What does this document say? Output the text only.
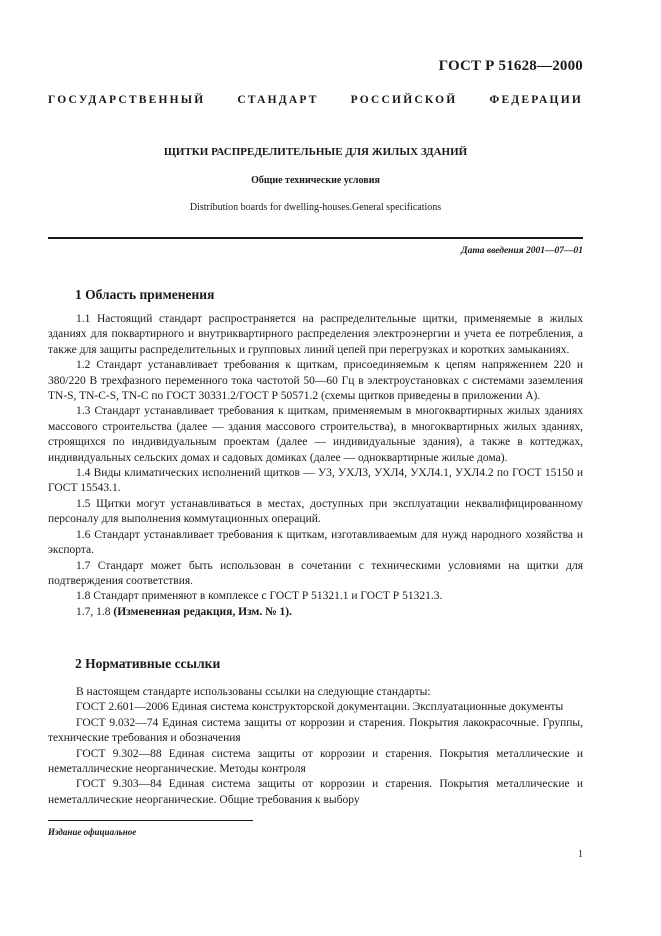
ГОСТ Р 51628—2000
ГОСУДАРСТВЕННЫЙ СТАНДАРТ РОССИЙСКОЙ ФЕДЕРАЦИИ
ЩИТКИ РАСПРЕДЕЛИТЕЛЬНЫЕ ДЛЯ ЖИЛЫХ ЗДАНИЙ
Общие технические условия
Distribution boards for dwelling-houses.General specifications
Дата введения 2001—07—01
1 Область применения

1.1 Настоящий стандарт распространяется на распределительные щитки, применяемые в жилых зданиях для поквартирного и внутриквартирного распределения электроэнергии и учета ее потребления, а также для защиты распределительных и групповых линий цепей при перегрузках и коротких замыканиях.

1.2 Стандарт устанавливает требования к щиткам, присоединяемым к цепям напряжением 220 и 380/220 В трехфазного переменного тока частотой 50—60 Гц в электроустановках с системами заземления TN-S, TN-C-S, TN-C по ГОСТ 30331.2/ГОСТ Р 50571.2 (схемы щитков приведены в приложении А).

1.3 Стандарт устанавливает требования к щиткам, применяемым в многоквартирных жилых зданиях массового строительства (далее — здания массового строительства), в многоквартирных жилых зданиях, строящихся по индивидуальным проектам (далее — индивидуальные здания), а также в коттеджах, индивидуальных сельских домах и садовых домиках (далее — одноквартирные жилые дома).

1.4 Виды климатических исполнений щитков — У3, УХЛ3, УХЛ4, УХЛ4.1, УХЛ4.2 по ГОСТ 15150 и ГОСТ 15543.1.

1.5 Щитки могут устанавливаться в местах, доступных при эксплуатации неквалифицированному персоналу для выполнения коммутационных операций.

1.6 Стандарт устанавливает требования к щиткам, изготавливаемым для нужд народного хозяйства и экспорта.

1.7 Стандарт может быть использован в сочетании с техническими условиями на щитки для подтверждения соответствия.

1.8 Стандарт применяют в комплексе с ГОСТ Р 51321.1 и ГОСТ Р 51321.3.

1.7, 1.8 (Измененная редакция, Изм. № 1).

2 Нормативные ссылки

В настоящем стандарте использованы ссылки на следующие стандарты:

ГОСТ 2.601—2006 Единая система конструкторской документации. Эксплуатационные документы

ГОСТ 9.032—74 Единая система защиты от коррозии и старения. Покрытия лакокрасочные. Группы, технические требования и обозначения

ГОСТ 9.302—88 Единая система защиты от коррозии и старения. Покрытия металлические и неметаллические неорганические. Методы контроля

ГОСТ 9.303—84 Единая система защиты от коррозии и старения. Покрытия металлические и неметаллические неорганические. Общие требования к выбору

Издание официальное
1
